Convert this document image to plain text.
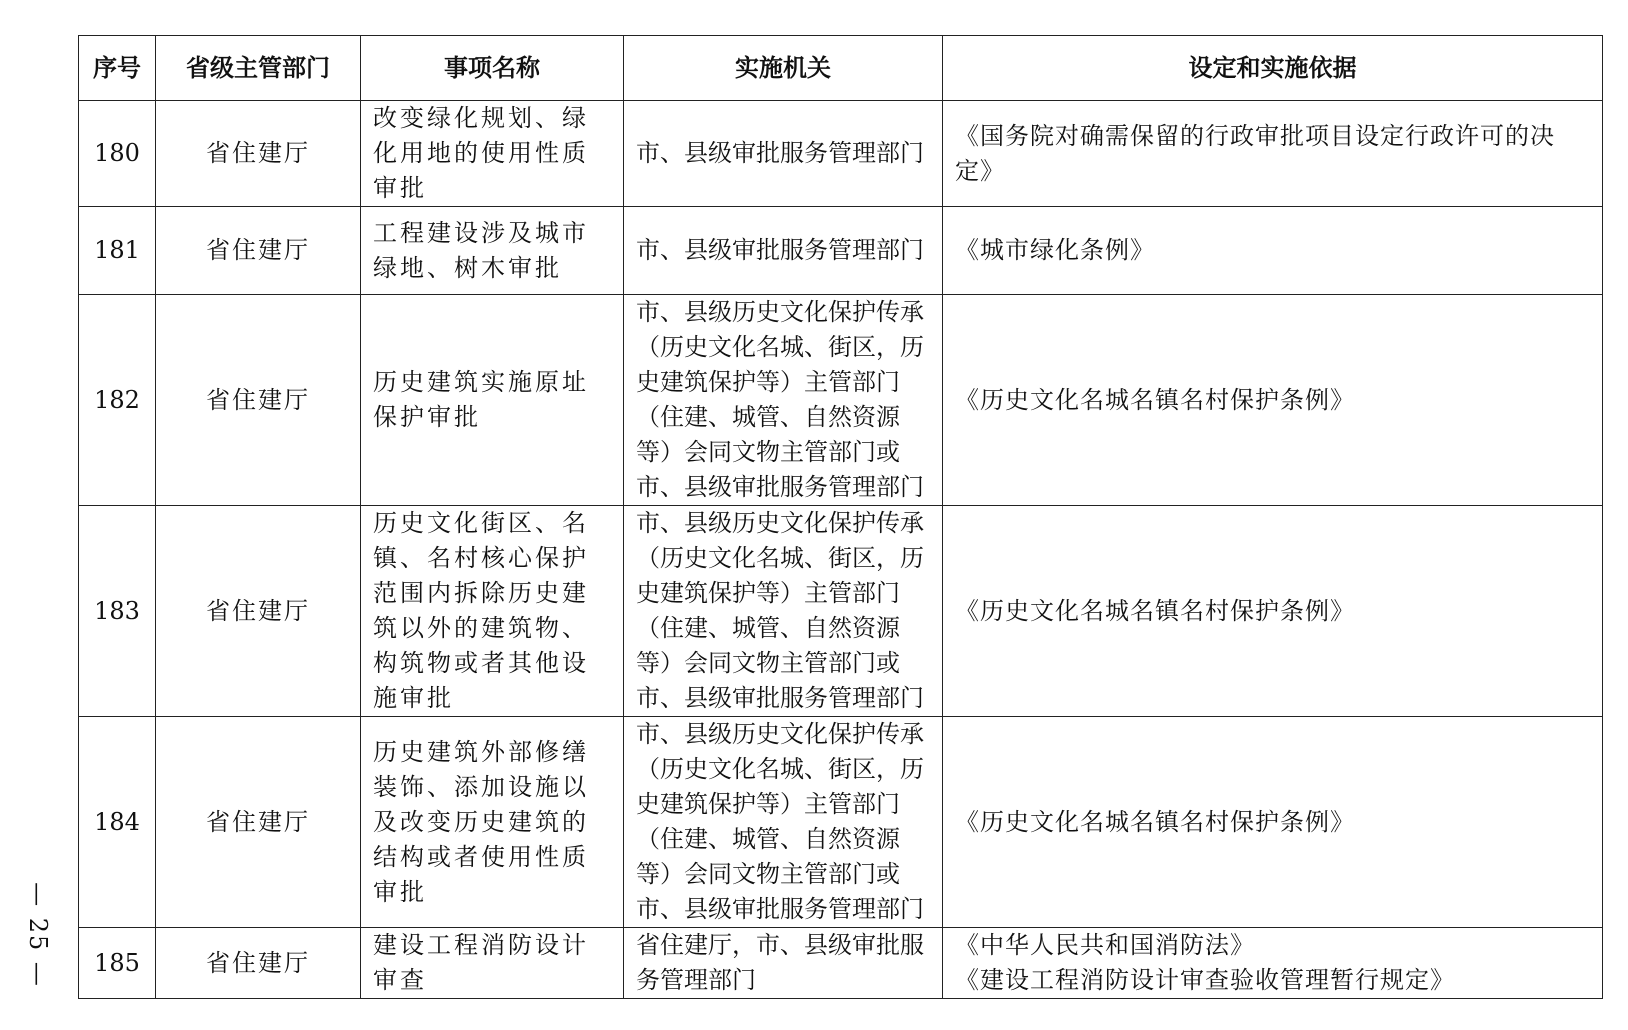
序号	省级主管部门	事项名称	实施机关	设定和实施依据
180	省住建厅	改变绿化规划、绿化用地的使用性质审批	市、县级审批服务管理部门	《国务院对确需保留的行政审批项目设定行政许可的决定》

181	省住建厅	工程建设涉及城市绿地、树木审批	市、县级审批服务管理部门	《城市绿化条例》

182	省住建厅	历史建筑实施原址保护审批	市、县级历史文化保护传承（历史文化名城、街区，历史建筑保护等）主管部门（住建、城管、自然资源等）会同文物主管部门或市、县级审批服务管理部门	《历史文化名城名镇名村保护条例》

183	省住建厅	历史文化街区、名镇、名村核心保护范围内拆除历史建筑以外的建筑物、构筑物或者其他设施审批	市、县级历史文化保护传承（历史文化名城、街区，历史建筑保护等）主管部门（住建、城管、自然资源等）会同文物主管部门或市、县级审批服务管理部门	《历史文化名城名镇名村保护条例》

184	省住建厅	历史建筑外部修缮装饰、添加设施以及改变历史建筑的结构或者使用性质审批	市、县级历史文化保护传承（历史文化名城、街区，历史建筑保护等）主管部门（住建、城管、自然资源等）会同文物主管部门或市、县级审批服务管理部门	《历史文化名城名镇名村保护条例》

185	省住建厅	建设工程消防设计审查	省住建厅，市、县级审批服务管理部门	《中华人民共和国消防法》
《建设工程消防设计审查验收管理暂行规定》
— 25 —
